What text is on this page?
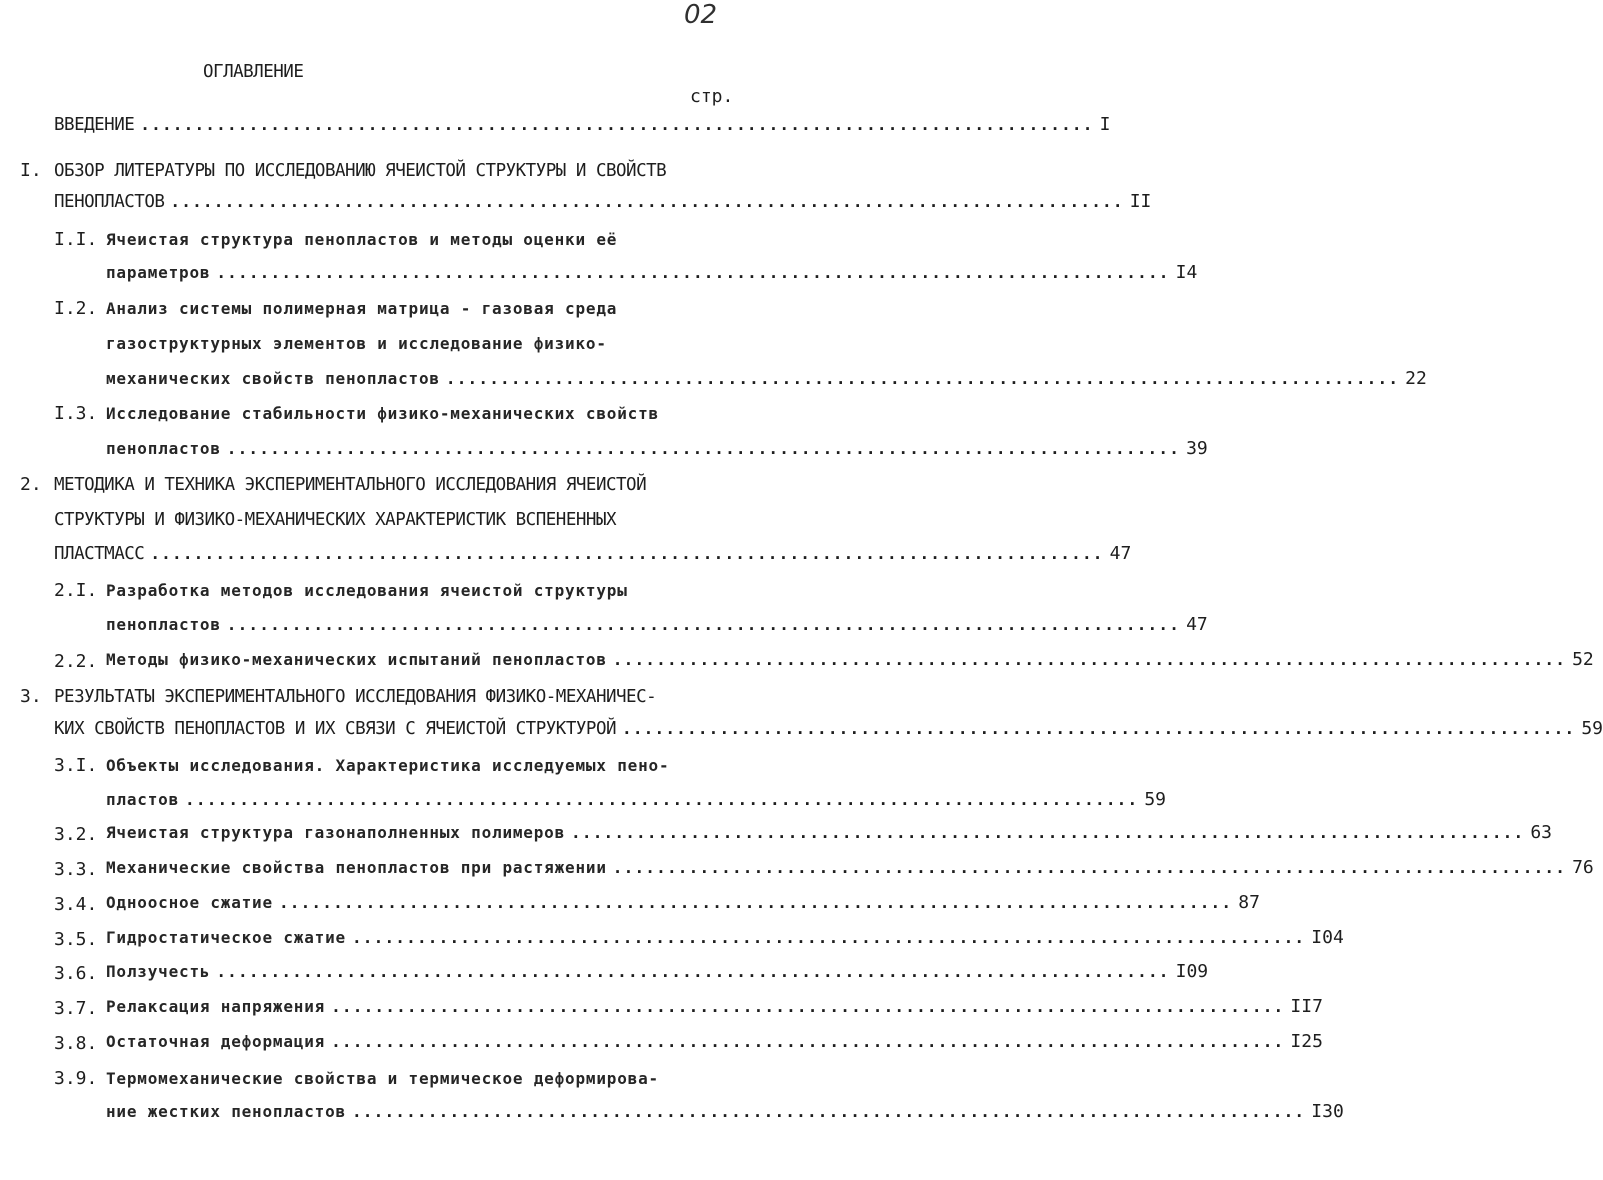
02
ОГЛАВЛЕНИЕ
стр.
ВВЕДЕНИЕ ........................................................................................ I
I. ОБЗОР ЛИТЕРАТУРЫ ПО ИССЛЕДОВАНИЮ ЯЧЕИСТОЙ СТРУКТУРЫ И СВОЙСТВ
ПЕНОПЛАСТОВ ........................................................................................ II
I.I. Ячеистая структура пенопластов и методы оценки её
параметров ........................................................................................ I4
I.2. Анализ системы полимерная матрица - газовая среда
газоструктурных элементов и исследование физико-
механических свойств пенопластов ........................................................................................ 22
I.3. Исследование стабильности физико-механических свойств
пенопластов ........................................................................................ 39
2. МЕТОДИКА И ТЕХНИКА ЭКСПЕРИМЕНТАЛЬНОГО ИССЛЕДОВАНИЯ ЯЧЕИСТОЙ
СТРУКТУРЫ И ФИЗИКО-МЕХАНИЧЕСКИХ ХАРАКТЕРИСТИК ВСПЕНЕННЫХ
ПЛАСТМАСС ........................................................................................ 47
2.I. Разработка методов исследования ячеистой структуры
пенопластов ........................................................................................ 47
2.2. Методы физико-механических испытаний пенопластов ........................................................................................ 52
3. РЕЗУЛЬТАТЫ ЭКСПЕРИМЕНТАЛЬНОГО ИССЛЕДОВАНИЯ ФИЗИКО-МЕХАНИЧЕС-
КИХ СВОЙСТВ ПЕНОПЛАСТОВ И ИХ СВЯЗИ С ЯЧЕИСТОЙ СТРУКТУРОЙ ........................................................................................ 59
3.I. Объекты исследования. Характеристика исследуемых пено-
пластов ........................................................................................ 59
3.2. Ячеистая структура газонаполненных полимеров ........................................................................................ 63
3.3. Механические свойства пенопластов при растяжении ........................................................................................ 76
3.4. Одноосное сжатие ........................................................................................ 87
3.5. Гидростатическое сжатие ........................................................................................ I04
3.6. Ползучесть ........................................................................................ I09
3.7. Релаксация напряжения ........................................................................................ II7
3.8. Остаточная деформация ........................................................................................ I25
3.9. Термомеханические свойства и термическое деформирова-
ние жестких пенопластов ........................................................................................ I30
